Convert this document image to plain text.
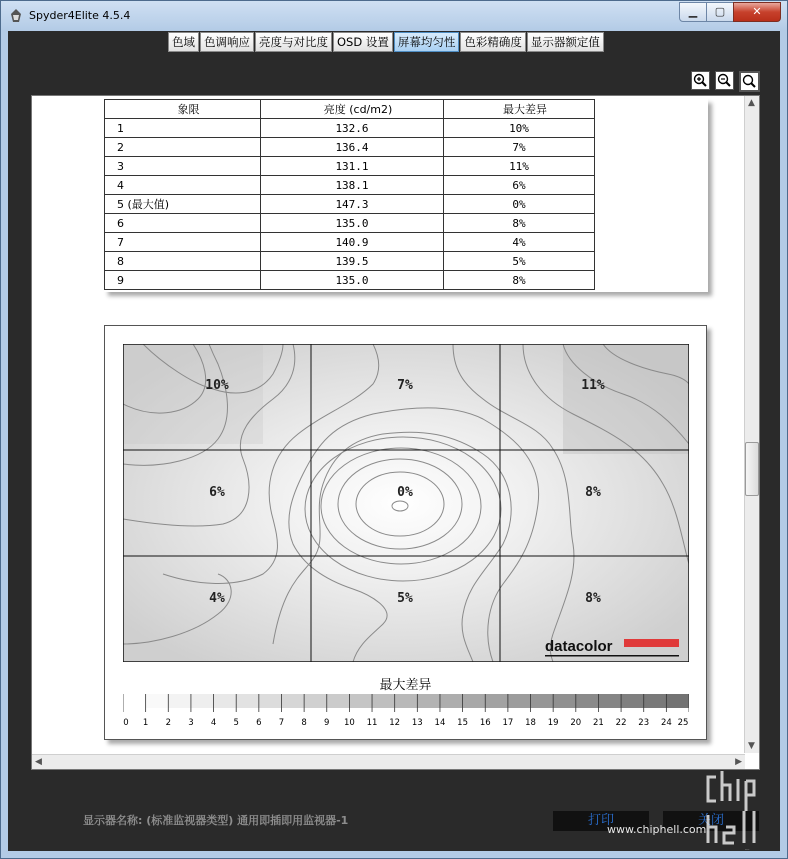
Spyder4Elite 4.5.4	▁	▢	✕
色域 色调响应 亮度与对比度 OSD 设置 屏幕均匀性 色彩精确度 显示器额定值
象限	亮度 (cd/m2)	最大差异
1	132.6	10%
2	136.4	7%
3	131.1	11%
4	138.1	6%
5 (最大值)	147.3	0%
6	135.0	8%
7	140.9	4%
8	139.5	5%
9	135.0	8%
10%	7%	11%
6%	0%	8%
4%	5%	8%
datacolor
最大差异
0 1 2 3 4 5 6 7 8 9 10 11 12 13 14 15 16 17 18 19 20 21 22 23 24 25
▲
▼
◀	▶
显示器名称: (标准监视器类型) 通用即插即用监视器-1	打印	关闭
chip hell
www.chiphell.com
